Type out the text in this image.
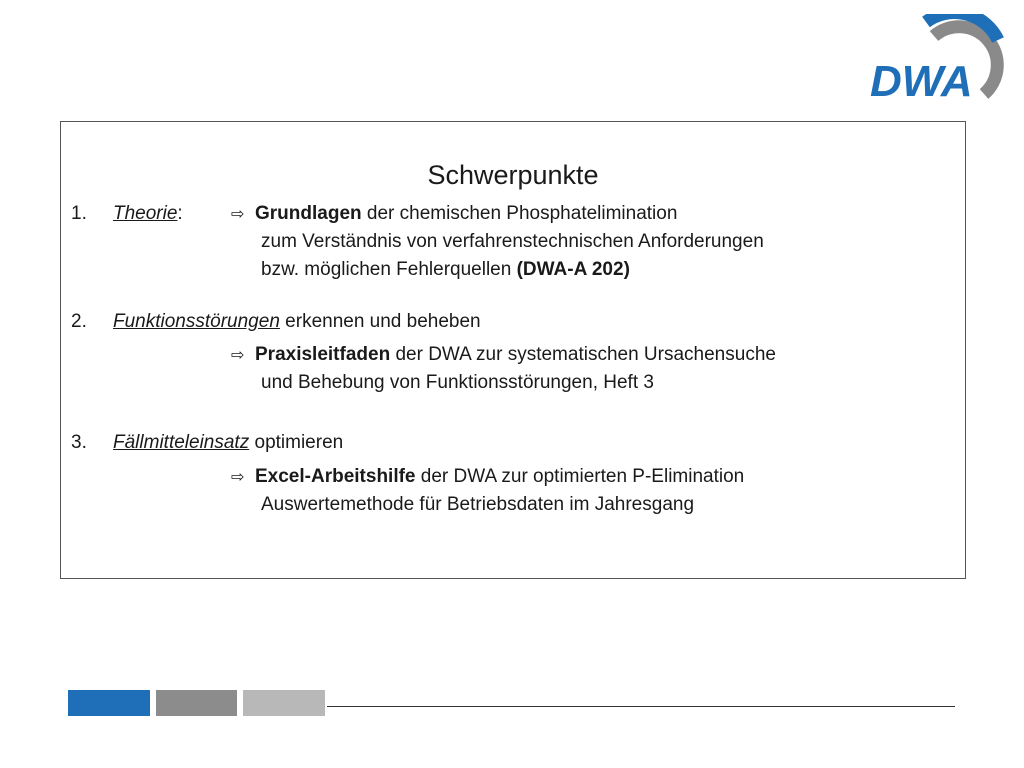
DWA
Schwerpunkte
1.	Theorie:	⇨ Grundlagen der chemischen Phosphatelimination
zum Verständnis von verfahrenstechnischen Anforderungen
bzw. möglichen Fehlerquellen (DWA-A 202)
2.	Funktionsstörungen erkennen und beheben
⇨ Praxisleitfaden der DWA zur systematischen Ursachensuche
und Behebung von Funktionsstörungen, Heft 3
3.	Fällmitteleinsatz optimieren
⇨ Excel-Arbeitshilfe der DWA zur optimierten P-Elimination
Auswertemethode für Betriebsdaten im Jahresgang
